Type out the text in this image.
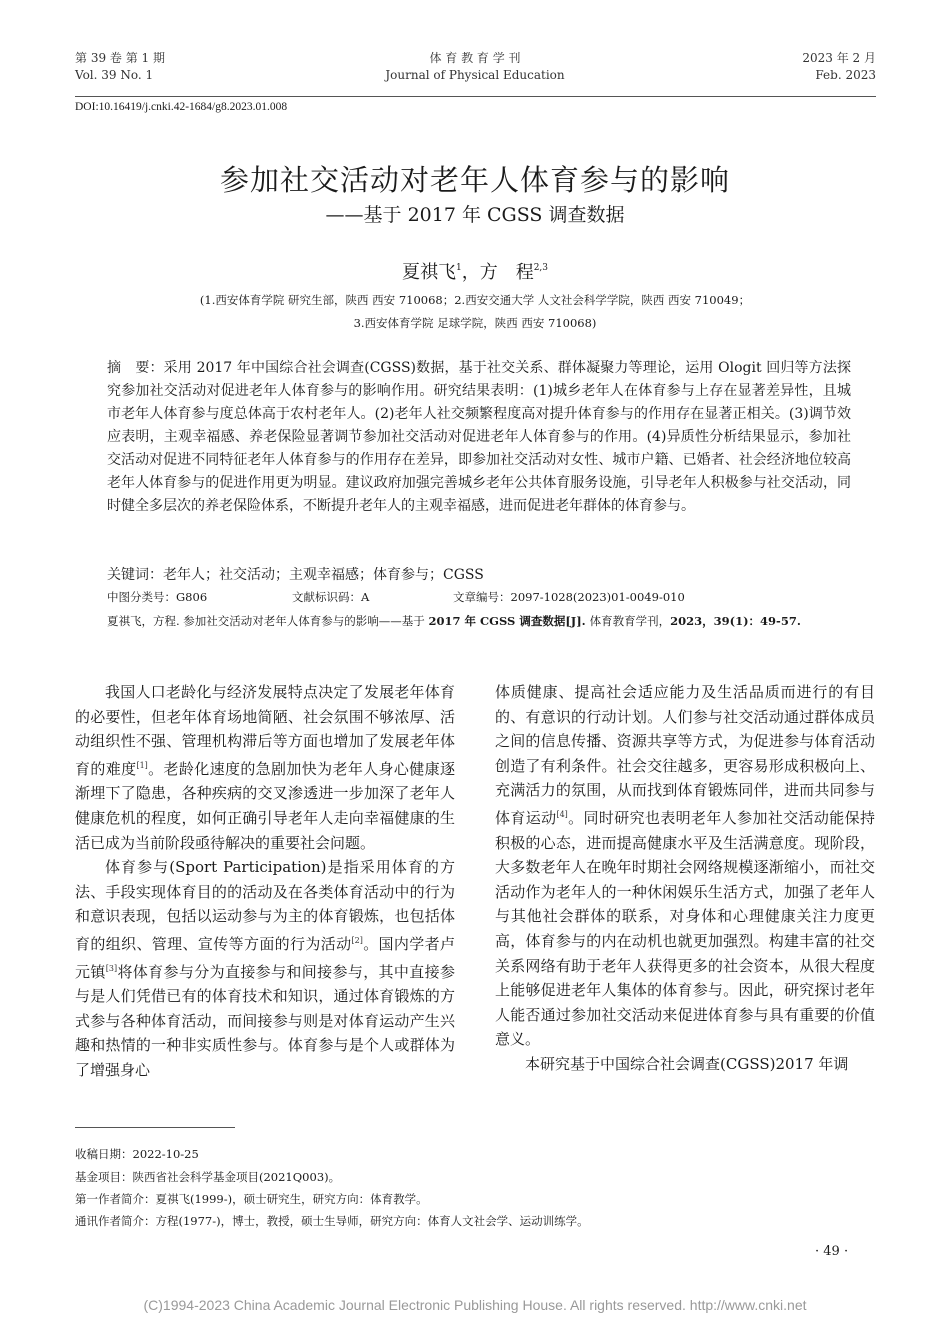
第 39 卷 第 1 期
Vol. 39 No. 1
体 育 教 育 学 刊
Journal of Physical Education
2023 年 2 月
Feb. 2023
DOI:10.16419/j.cnki.42-1684/g8.2023.01.008
参加社交活动对老年人体育参与的影响
——基于 2017 年 CGSS 调查数据
夏祺飞$^1$，方　程$^{2,3}$
(1.西安体育学院 研究生部，陕西 西安 710068；2.西安交通大学 人文社会科学学院，陕西 西安 710049；
3.西安体育学院 足球学院，陕西 西安 710068)
摘　要：采用 2017 年中国综合社会调查(CGSS)数据，基于社交关系、群体凝聚力等理论，运用 Ologit 回归等方法探究参加社交活动对促进老年人体育参与的影响作用。研究结果表明：(1)城乡老年人在体育参与上存在显著差异性，且城市老年人体育参与度总体高于农村老年人。(2)老年人社交频繁程度高对提升体育参与的作用存在显著正相关。(3)调节效应表明，主观幸福感、养老保险显著调节参加社交活动对促进老年人体育参与的作用。(4)异质性分析结果显示，参加社交活动对促进不同特征老年人体育参与的作用存在差异，即参加社交活动对女性、城市户籍、已婚者、社会经济地位较高老年人体育参与的促进作用更为明显。建议政府加强完善城乡老年公共体育服务设施，引导老年人积极参与社交活动，同时健全多层次的养老保险体系，不断提升老年人的主观幸福感，进而促进老年群体的体育参与。
关键词：老年人；社交活动；主观幸福感；体育参与；CGSS
中图分类号：G806	文献标识码：A	文章编号：2097-1028(2023)01-0049-010
夏祺飞，方程. 参加社交活动对老年人体育参与的影响——基于 2017 年 CGSS 调查数据[J]. 体育教育学刊，2023，39(1)：49-57.

我国人口老龄化与经济发展特点决定了发展老年体育的必要性，但老年体育场地简陋、社会氛围不够浓厚、活动组织性不强、管理机构滞后等方面也增加了发展老年体育的难度[1]。老龄化速度的急剧加快为老年人身心健康逐渐埋下了隐患，各种疾病的交叉渗透进一步加深了老年人健康危机的程度，如何正确引导老年人走向幸福健康的生活已成为当前阶段亟待解决的重要社会问题。

体育参与(Sport Participation)是指采用体育的方法、手段实现体育目的的活动及在各类体育活动中的行为和意识表现，包括以运动参与为主的体育锻炼，也包括体育的组织、管理、宣传等方面的行为活动[2]。国内学者卢元镇[3]将体育参与分为直接参与和间接参与，其中直接参与是人们凭借已有的体育技术和知识，通过体育锻炼的方式参与各种体育活动，而间接参与则是对体育运动产生兴趣和热情的一种非实质性参与。体育参与是个人或群体为了增强身心

体质健康、提高社会适应能力及生活品质而进行的有目的、有意识的行动计划。人们参与社交活动通过群体成员之间的信息传播、资源共享等方式，为促进参与体育活动创造了有利条件。社会交往越多，更容易形成积极向上、充满活力的氛围，从而找到体育锻炼同伴，进而共同参与体育运动[4]。同时研究也表明老年人参加社交活动能保持积极的心态，进而提高健康水平及生活满意度。现阶段，大多数老年人在晚年时期社会网络规模逐渐缩小，而社交活动作为老年人的一种休闲娱乐生活方式，加强了老年人与其他社会群体的联系，对身体和心理健康关注力度更高，体育参与的内在动机也就更加强烈。构建丰富的社交关系网络有助于老年人获得更多的社会资本，从很大程度上能够促进老年人集体的体育参与。因此，研究探讨老年人能否通过参加社交活动来促进体育参与具有重要的价值意义。

本研究基于中国综合社会调查(CGSS)2017 年调

收稿日期：2022-10-25
基金项目：陕西省社会科学基金项目(2021Q003)。
第一作者简介：夏祺飞(1999-)，硕士研究生，研究方向：体育教学。
通讯作者简介：方程(1977-)，博士，教授，硕士生导师，研究方向：体育人文社会学、运动训练学。
· 49 ·
(C)1994-2023 China Academic Journal Electronic Publishing House. All rights reserved. http://www.cnki.net
